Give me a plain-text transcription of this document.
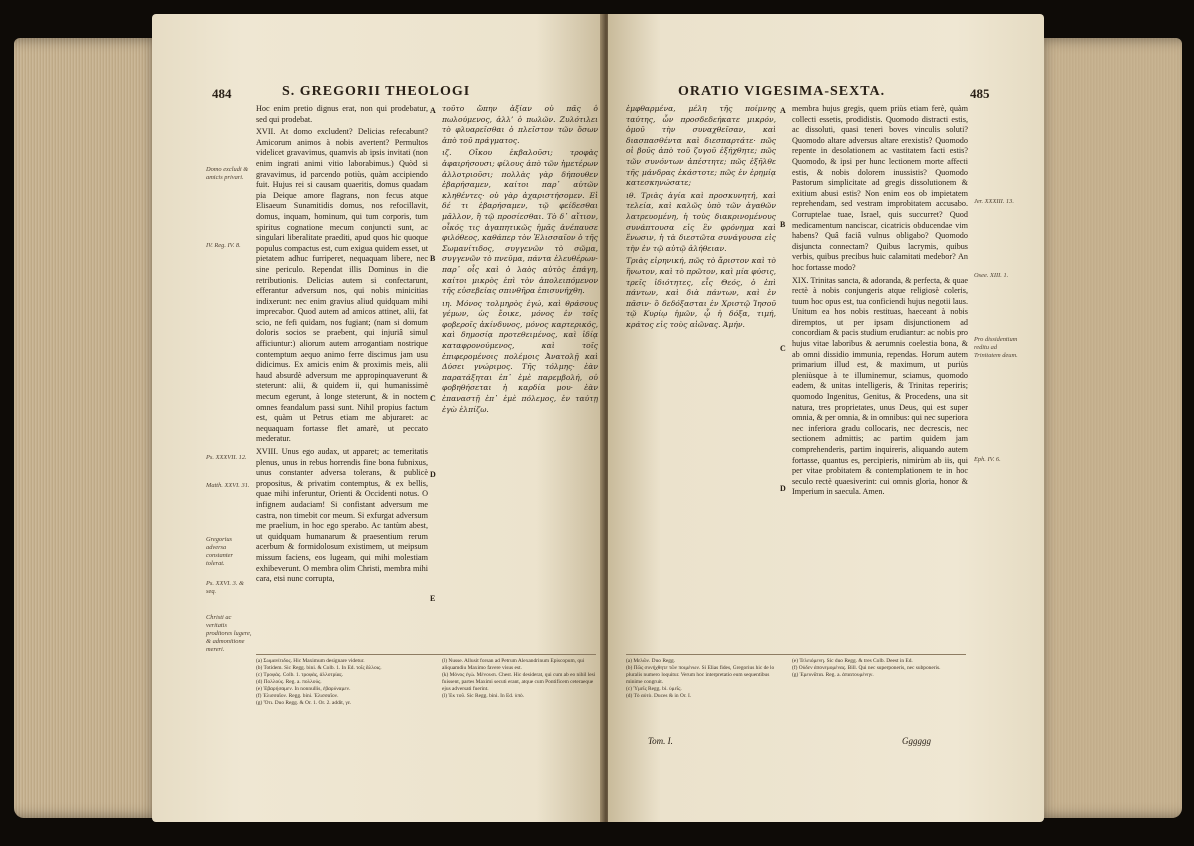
484	S. GREGORII THEOLOGI
Domo excludi & amicis privari.
IV. Reg. IV. 8.
Ps. XXXVII. 12.
Matth. XXVI. 31.
Gregorius adversa constanter tolerat.
Ps. XXVI. 3. & seq.
Christi ac veritatis proditores lugere, & admonitione mereri.

Hoc enim pretio dignus erat, non qui prodebatur, sed qui prodebat.

XVII. At domo excludent? Delicias refecabunt? Amicorum animos à nobis avertent? Permultos videlicet gravavimus, quamvis ab ipsis invitati (non enim ingrati animi vitio laborabimus.) Quòd si gravavimus, id parcendo potiùs, quàm accipiendo fuit. Hujus rei si causam quaeritis, domus quadam pia Deique amore flagrans, non fecus atque Elisaeum Sunamitidis domus, nos refocillavit, domus, inquam, hominum, qui tum corporis, tum spiritus cognatione mecum conjuncti sunt, ac singulari liberalitate praediti, apud quos hic quoque populus compactus est, cum exigua quidem esset, ut pietatem adhuc furriperet, nequaquam libere, nec sine periculo. Rependat illis Dominus in die retributionis. Delicias autem si confectarunt, efferantur adversum nos, qui nobis minicitias indixerunt: nec enim gravius aliud quidquam mihi imprecabor. Quod autem ad amicos attinet, alii, fat scio, ne fefi quidam, nos fugiant; (nam si domum doloris socios se praebent, qui injuriâ simul afficiuntur:) aliorum autem arrogantiam nostrique contemptum aequo animo ferre discimus jam usu didicimus. Ex amicis enim & proximis meis, alii haud absurdè adversum me appropinquaverunt & steterunt: alii, & quidem ii, qui humanissimè mecum egerunt, à longe steterunt, & in noctem omnes feandalum passi sunt. Nihil propius factum est, quàm ut Petrus etiam me abjuraret: ac nequaquam fortasse flet amarè, ut peccato mederatur.

XVIII. Unus ego audax, ut apparet; ac temeritatis plenus, unus in rebus horrendis fine bona fubnixus, unus constanter adversa tolerans, & publicè propositus, & privatim contemptus, & ex bellis, quae mihi inferuntur, Orienti & Occidenti notus. O infignem audaciam! Si confistant adversum me castra, non timebit cor meum. Si exfurgat adversum me praelium, in hoc ego sperabo. Ac tantùm abest, ut quidquam humanarum & praesentium rerum acerbum & formidolosum existimem, ut meipsum missum faciens, eos lugeam, qui mihi molestiam exhibeverunt. O membra olim Christi, membra mihi cara, etsi nunc corrupta,

A
B
C
D
E

τοῦτο ὤπην ἀξίαν οὐ πᾶς ὁ πωλούμενος, ἀλλ’ ὁ πωλῶν. Ζυλότιλει τὸ φλυαρεῖσθαι ὁ πλεῖστον τῶν ὅσων ἀπὸ τοῦ πράγματος.

ιζ. Οἴκου ἐκβαλοῦσι; τροφὰς ἀφαιρήσουσι; φίλους ἀπὸ τῶν ἡμετέρων ἀλλοτριοῦσι; πολλὰς γὰρ δήπουθεν ἐβαρήσαμεν, καίτοι παρ᾽ αὐτῶν κληθέντες· οὐ γὰρ ἀχαριστήσομεν. Εἰ δέ τι ἐβαρήσαμεν, τῷ φείδεσθαι μᾶλλον, ἢ τῷ προσίεσθαι. Τὸ δ᾽ αἴτιον, οἶκός τις ἀγαπητικῶς ἡμᾶς ἀνέπαυσε φιλόθεος, καθάπερ τὸν Ἐλισσαῖον ὁ τῆς Σωμανίτιδος, συγγενῶν τὸ σῶμα, συγγενῶν τὸ πνεῦμα, πάντα ἐλευθέρων· παρ᾽ οἷς καὶ ὁ λαὸς αὐτὸς ἐπάγη, καίτοι μικρὸς ἐπὶ τὸν ἀπολειπόμενον τῆς εὐσεβείας σπινθῆρα ἐπισυνήχθη.

ιη. Μόνος τολμηρὸς ἐγώ, καὶ θράσους γέμων, ὡς ἔοικε, μόνος ἐν τοῖς φοβεροῖς ἀκίνδυνος, μόνος καρτερικός, καὶ δημοσίᾳ προτεθειμένος, καὶ ἰδίᾳ καταφρονούμενος, καὶ τοῖς ἐπιφερομένοις πολέμοις Ἀνατολῇ καὶ Δύσει γνώριμος. Τῆς τόλμης· ἐὰν παρατάξηται ἐπ᾽ ἐμὲ παρεμβολή, οὐ φοβηθήσεται ἡ καρδία μου· ἐὰν ἐπαναστῇ ἐπ᾽ ἐμὲ πόλεμος, ἐν ταύτῃ ἐγὼ ἐλπίζω.

(a) Σωμανίτιδος. Hic Maximum designare videtur.

(b) Totidem. Sic Regg. bini. & Colb. 1. In Ed. τοῖς ἄλλοις.

(c) Τροφὰς. Colb. 1. τροφὰς, ἀλλοτρίας.

(d) Πολλοὺς. Reg. a. πολλούς.

(e) Ἐβαρήσαμεν. In nonnullis, ἐβαρύναμεν.

(f) Ἐλισσαῖον. Regg. bini. Ἐλισσαῖον.

(g) Ὅτι. Duo Regg. & Or. 1. Or. 2. addit, γε.

(l) Nusse. Allusit forsan ad Petrum Alexandrinum Episcopum, qui aliquamdiu Maximo favere visus est.

(k) Μόνος ἐγὼ. Μένουσι. Chest. Hic desiderat, qui cum ab eo nihil lesi fuissent, partes Maximi secuti erant, atque cum Pontificem ceteraeque ejus adversati fuerint.

(l) Ἐκ τοῦ. Sic Regg. bini. In Ed. ὑπὸ.

ORATIO VIGESIMA-SEXTA.	485

ἐμφθαρμένα, μέλη τῆς ποίμνης ταύτης, ὧν προσδεδεήκατε μικρόν, ὁμοῦ τὴν συναχθεῖσαν, καὶ διασπασθέντα καὶ διεσπαρτάτε· πῶς οἱ βοῦς ἀπὸ τοῦ ζυγοῦ ἐξήχθητε; πῶς τῶν συνόντων ἀπέστητε; πῶς ἐξῆλθε τῆς μάνδρας ἑκάστοτε; πῶς ἐν ἐρημίᾳ κατεσκηνώσατε;

ιθ. Τριὰς ἁγία καὶ προσκυνητή, καὶ τελεία, καὶ καλῶς ὑπὸ τῶν ἀγαθῶν λατρευομένη, ἡ τοὺς διακρινομένους συνάπτουσα εἰς ἓν φρόνημα καὶ ἕνωσιν, ἡ τὰ διεστῶτα συνάγουσα εἰς τὴν ἐν τῷ αὐτῷ ἀλήθειαν.

Τριὰς εἰρηνική, πῶς τὸ ἄριστον καὶ τὸ ἥνωτον, καὶ τὸ πρῶτον, καὶ μία φύσις, τρεῖς ἰδιότητες, εἷς Θεός, ὁ ἐπὶ πάντων, καὶ διὰ πάντων, καὶ ἐν πᾶσιν· ὃ δεδόξασται ἐν Χριστῷ Ἰησοῦ τῷ Κυρίῳ ἡμῶν, ᾧ ἡ δόξα, τιμή, κράτος εἰς τοὺς αἰῶνας. Ἀμήν.

A
B
C
D

membra hujus gregis, quem priùs etiam ferè, quàm collecti essetis, prodidistis. Quomodo distracti estis, ac dissoluti, quasi teneri boves vinculis soluti? Quomodo altare adversus altare erexistis? Quomodo repente in desolationem ac vastitatem facti estis? Quomodo, & ipsi per hunc lectionem morte affecti estis, & nobis dolorem inussistis? Quomodo Pastorum simplicitate ad gregis dissolutionem & exitium abusi estis? Non enim eos ob impietatem reprehendam, sed vestram improbitatem accusabo. Corruptelae tuae, Israel, quis succurret? Quod medicamentum nanciscar, cicatricis obducendae vim habens? Quâ faciâ vulnus obligabo? Quomodo disjuncta connectam? Quibus lacrymis, quibus verbis, quibus precibus huic calamitati medebor? An hoc fortasse modo?

XIX. Trinitas sancta, & adoranda, & perfecta, & quae rectè à nobis conjungeris atque religiosè coleris, tuum hoc opus est, tua conficiendi hujus negotii laus. Unitum ea hos nobis restituas, haeceant à nobis diremptos, ut per ipsam disjunctionem ad concordiam & pacis studium erudiantur: ac nobis pro hujus vitae laboribus & aerumnis coelestia bona, & ab omni dissidio immunia, rependas. Horum autem primarium illud est, & maximum, ut puriùs pleniùsque à te illuminemur, sciamus, quomodo eadem, & unitas intelligeris, & Trinitas reperiris; quomodo Ingenitus, Genitus, & Procedens, una sit natura, tres proprietates, unus Deus, qui est super omnia, & per omnia, & in omnibus: qui nec superiora nec inferiora gradu collocaris, nec decrescis, nec sectionem admittis; ac partim quidem jam comprehenderis, partim inquireris, aliquando autem fortasse, quantus es, percipieris, nimirùm ab iis, qui per vitae probitatem & contemplationem te in hoc seculo rectè quaesiverint: cui omnis gloria, honor & Imperium in saecula. Amen.

Jer. XXXIII. 13.
Osee. XIII. 1.
Pro dissidentium reditu ad Trinitatem deum.
Eph. IV. 6.

(a) Μελῶν. Duo Regg.

(b) Πῶς συνήχθητε τῶν ποιμένων. Si Elias fides, Gregorius hic de lo pluralis numero loquitur. Verum hoc interpretatio eum sequentibus minime congruit.

(c) Ὑμεῖς Regg. bi. ὑμεῖς.

(d) Τὸ αὐτὸ. Duces & in Or. I.

(e) Τελειόμενη. Sic duo Regg. & tres Colb. Deest in Ed.

(f) Οὐδεν ἀπονεμομένας. Bill. Qui nec superponeris, nec subponeris.

(g) Ἐρευνᾶται. Reg. a. ἀπαιτουμένην.

Tom. I.	Gggggg
